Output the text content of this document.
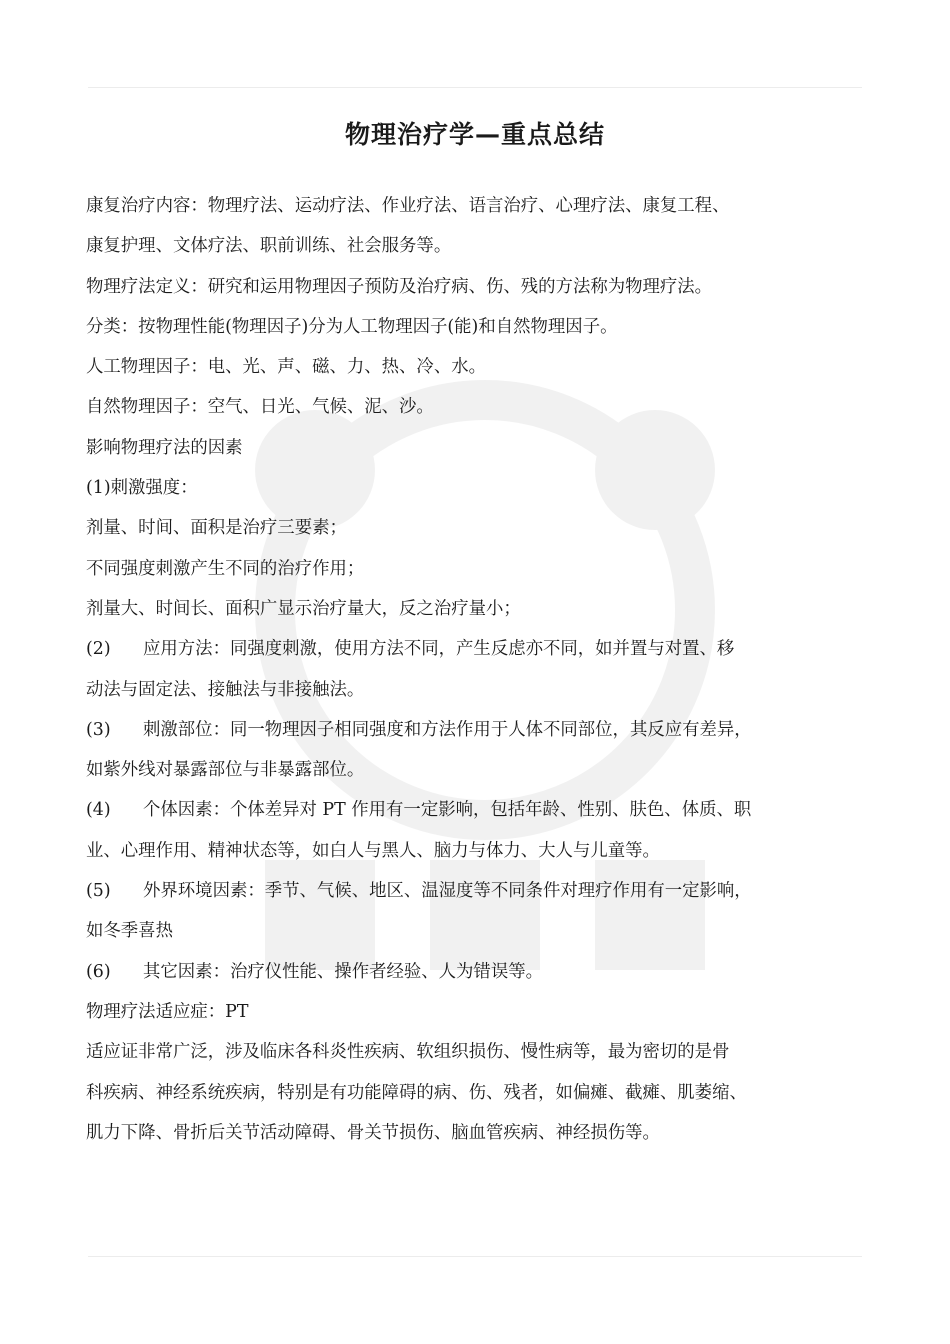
物理治疗学—重点总结
康复治疗内容：物理疗法、运动疗法、作业疗法、语言治疗、心理疗法、康复工程、
康复护理、文体疗法、职前训练、社会服务等。
物理疗法定义：研究和运用物理因子预防及治疗病、伤、残的方法称为物理疗法。
分类：按物理性能(物理因子)分为人工物理因子(能)和自然物理因子。
人工物理因子：电、光、声、磁、力、热、冷、水。
自然物理因子：空气、日光、气候、泥、沙。
影响物理疗法的因素
(1)刺激强度：
剂量、时间、面积是治疗三要素；
不同强度刺激产生不同的治疗作用；
剂量大、时间长、面积广显示治疗量大，反之治疗量小；
(2) 应用方法：同强度刺激，使用方法不同，产生反虑亦不同，如并置与对置、移
动法与固定法、接触法与非接触法。
(3) 刺激部位：同一物理因子相同强度和方法作用于人体不同部位，其反应有差异，
如紫外线对暴露部位与非暴露部位。
(4) 个体因素：个体差异对 PT 作用有一定影响，包括年龄、性别、肤色、体质、职
业、心理作用、精神状态等，如白人与黑人、脑力与体力、大人与儿童等。
(5) 外界环境因素：季节、气候、地区、温湿度等不同条件对理疗作用有一定影响，
如冬季喜热
(6) 其它因素：治疗仪性能、操作者经验、人为错误等。
物理疗法适应症：PT
适应证非常广泛，涉及临床各科炎性疾病、软组织损伤、慢性病等，最为密切的是骨
科疾病、神经系统疾病，特别是有功能障碍的病、伤、残者，如偏瘫、截瘫、肌萎缩、
肌力下降、骨折后关节活动障碍、骨关节损伤、脑血管疾病、神经损伤等。
